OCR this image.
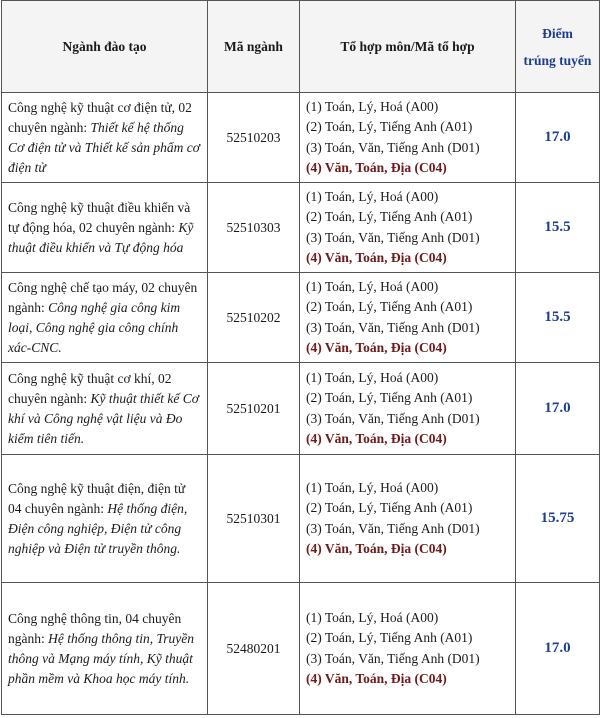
Ngành đào tạo	Mã ngành	Tổ hợp môn/Mã tổ hợp	Điểm
trúng tuyển
Công nghệ kỹ thuật cơ điện tử, 02 chuyên ngành: Thiết kế hệ thống Cơ điện tử và Thiết kế sản phẩm cơ điện tử	52510203	(1) Toán, Lý, Hoá (A00)
(2) Toán, Lý, Tiếng Anh (A01)
(3) Toán, Văn, Tiếng Anh (D01)
(4) Văn, Toán, Địa (C04)	17.0
Công nghệ kỹ thuật điều khiển và tự động hóa, 02 chuyên ngành: Kỹ thuật điều khiển và Tự động hóa	52510303	(1) Toán, Lý, Hoá (A00)
(2) Toán, Lý, Tiếng Anh (A01)
(3) Toán, Văn, Tiếng Anh (D01)
(4) Văn, Toán, Địa (C04)	15.5
Công nghệ chế tạo máy, 02 chuyên ngành: Công nghệ gia công kim loại, Công nghệ gia công chính xác-CNC.	52510202	(1) Toán, Lý, Hoá (A00)
(2) Toán, Lý, Tiếng Anh (A01)
(3) Toán, Văn, Tiếng Anh (D01)
(4) Văn, Toán, Địa (C04)	15.5
Công nghệ kỹ thuật cơ khí, 02 chuyên ngành: Kỹ thuật thiết kế Cơ khí và Công nghệ vật liệu và Đo kiểm tiên tiến.	52510201	(1) Toán, Lý, Hoá (A00)
(2) Toán, Lý, Tiếng Anh (A01)
(3) Toán, Văn, Tiếng Anh (D01)
(4) Văn, Toán, Địa (C04)	17.0
Công nghệ kỹ thuật điện, điện tử 04 chuyên ngành: Hệ thống điện, Điện công nghiệp, Điện tử công nghiệp và Điện tử truyền thông.	52510301	(1) Toán, Lý, Hoá (A00)
(2) Toán, Lý, Tiếng Anh (A01)
(3) Toán, Văn, Tiếng Anh (D01)
(4) Văn, Toán, Địa (C04)	15.75
Công nghệ thông tin, 04 chuyên ngành: Hệ thống thông tin, Truyền thông và Mạng máy tính, Kỹ thuật phần mềm và Khoa học máy tính.	52480201	(1) Toán, Lý, Hoá (A00)
(2) Toán, Lý, Tiếng Anh (A01)
(3) Toán, Văn, Tiếng Anh (D01)
(4) Văn, Toán, Địa (C04)	17.0
